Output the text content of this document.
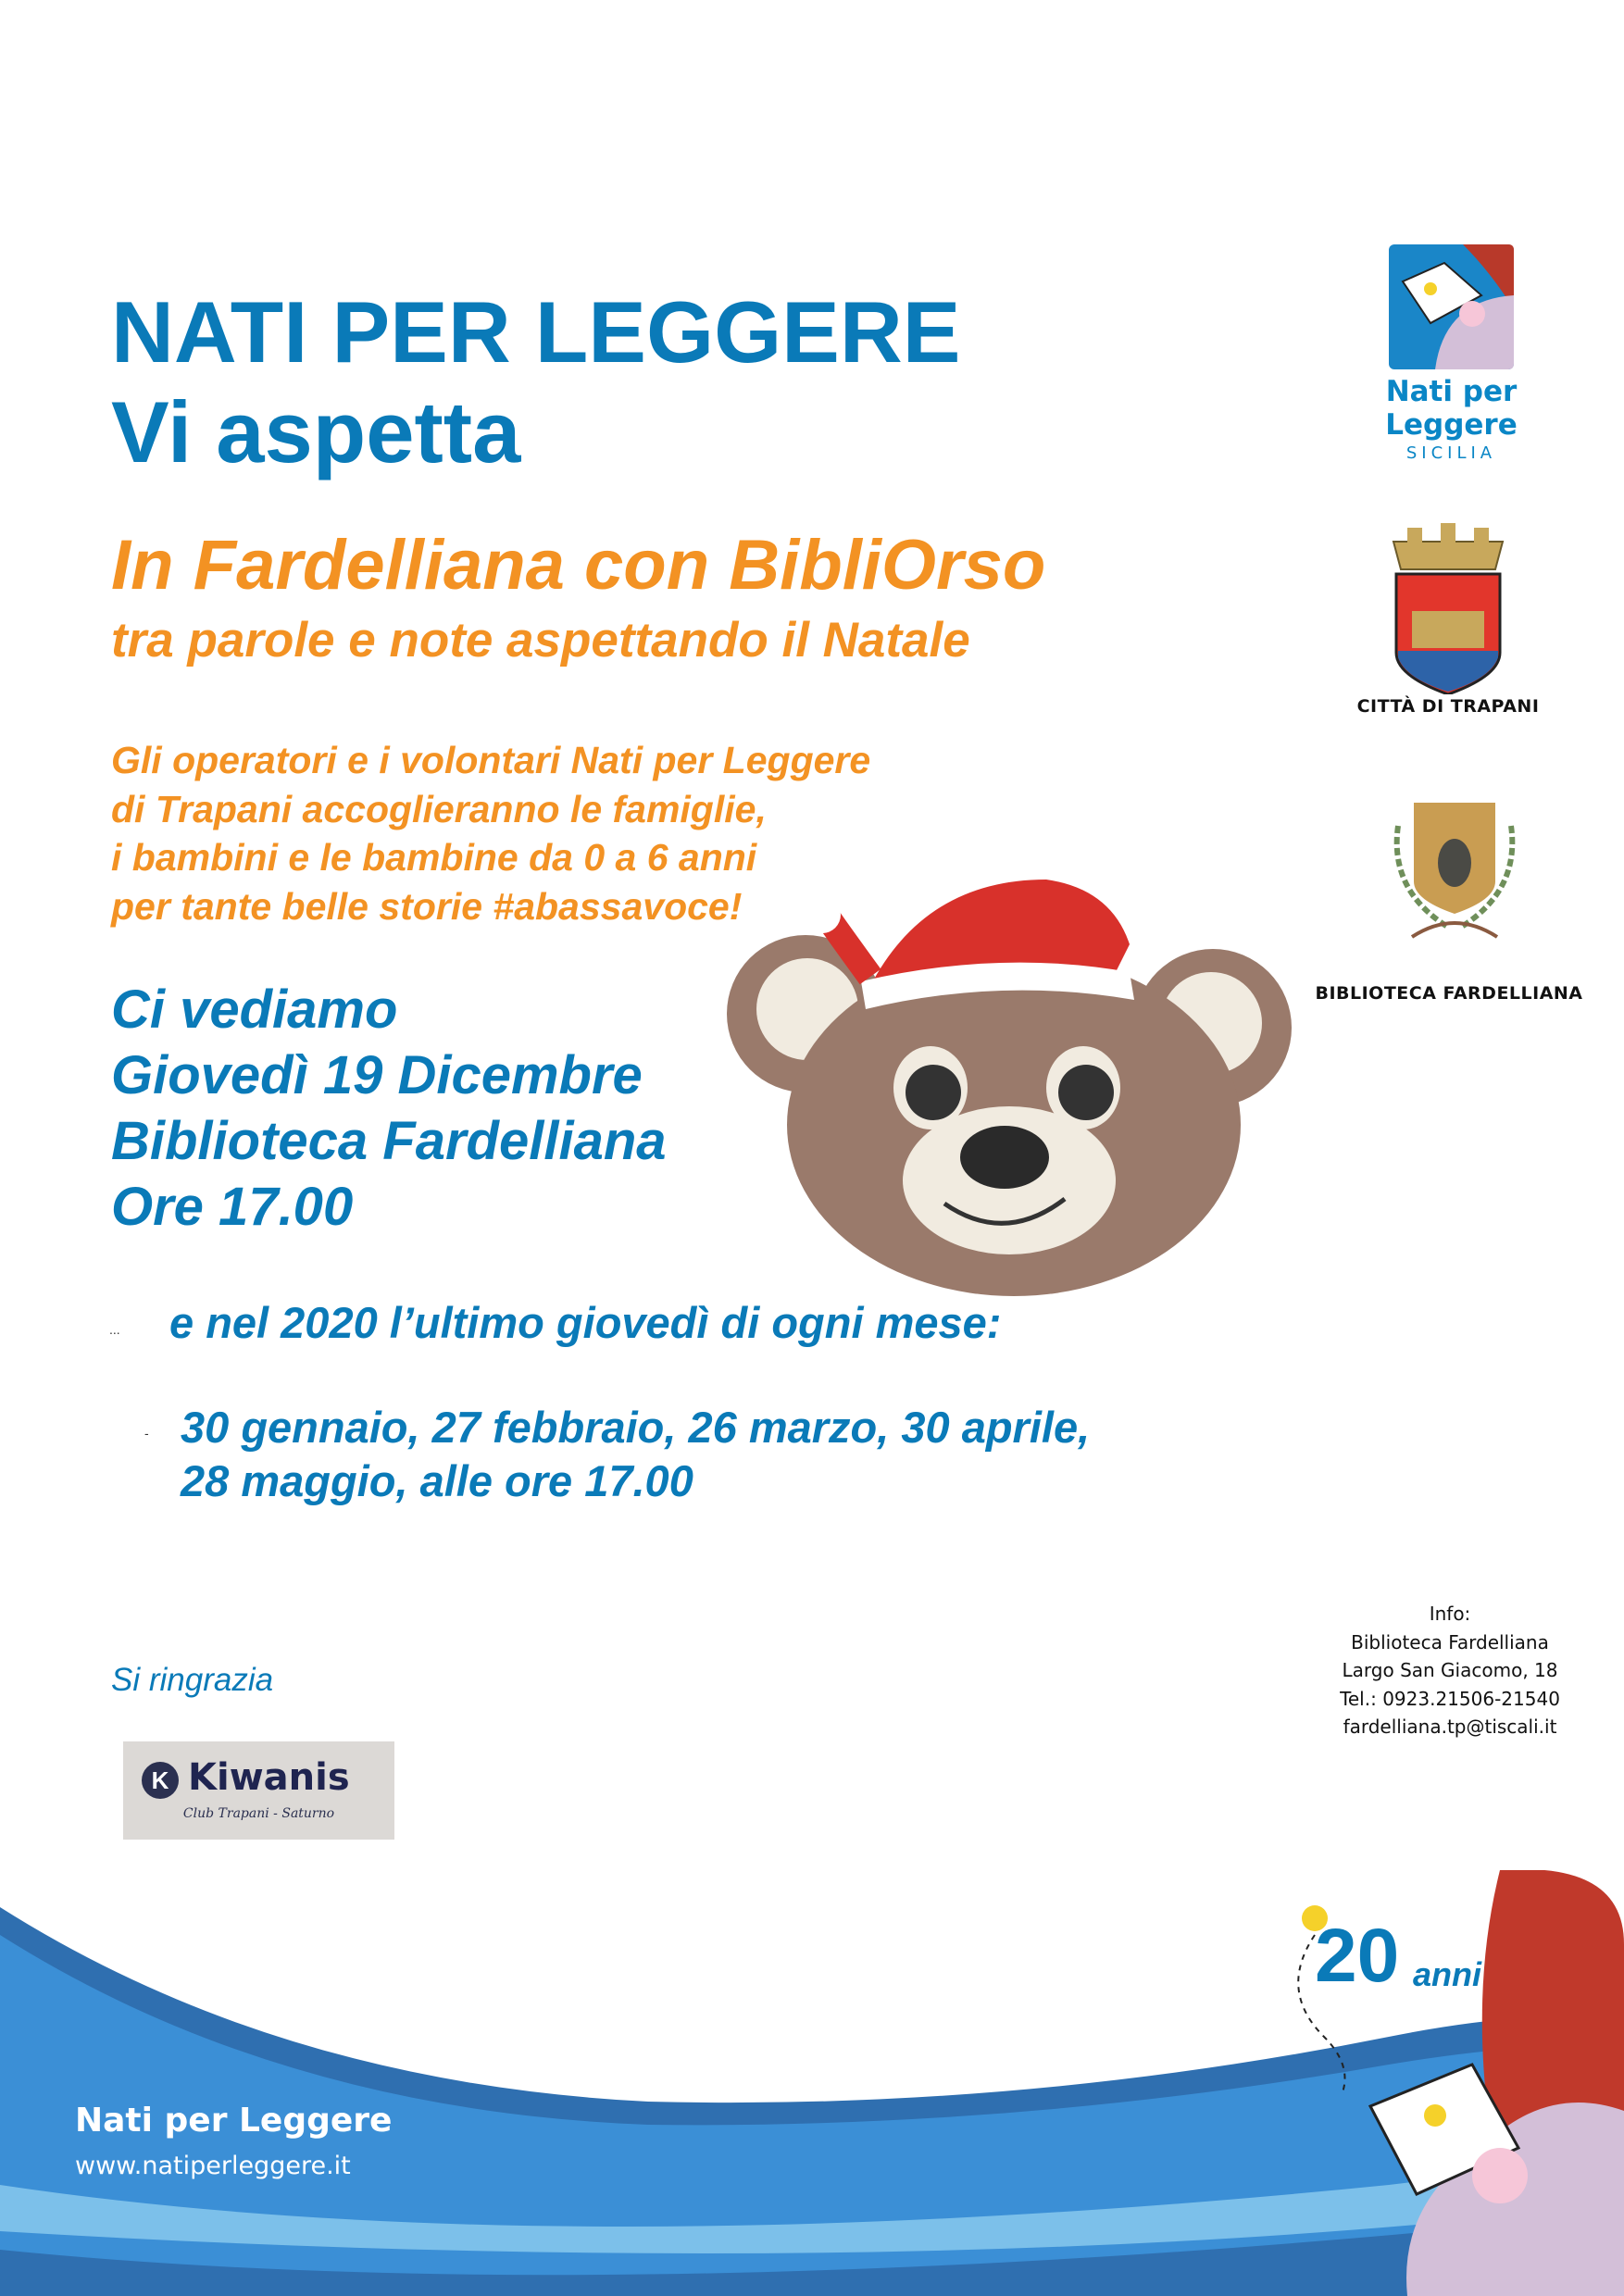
NATI PER LEGGERE
Vi aspetta
In Fardelliana con BibliOrso
tra parole e note aspettando il Natale
Gli operatori e i volontari Nati per Leggere
di Trapani accoglieranno le famiglie,
i bambini e le bambine da 0 a 6 anni
per tante belle storie #abassavoce!
Ci vediamo
Giovedì 19 Dicembre
Biblioteca Fardelliana
Ore 17.00
Nati per
Leggere
SICILIA
CITTÀ DI TRAPANI
BIBLIOTECA FARDELLIANA
... e nel 2020 l’ultimo giovedì di ogni mese:
- 30 gennaio, 27 febbraio, 26 marzo, 30 aprile,
28 maggio, alle ore 17.00
Si ringrazia
K Kiwanis
Club Trapani - Saturno
Info:
Biblioteca Fardelliana
Largo San Giacomo, 18
Tel.: 0923.21506-21540
fardelliana.tp@tiscali.it
Nati per Leggere
www.natiperleggere.it
20 anni
